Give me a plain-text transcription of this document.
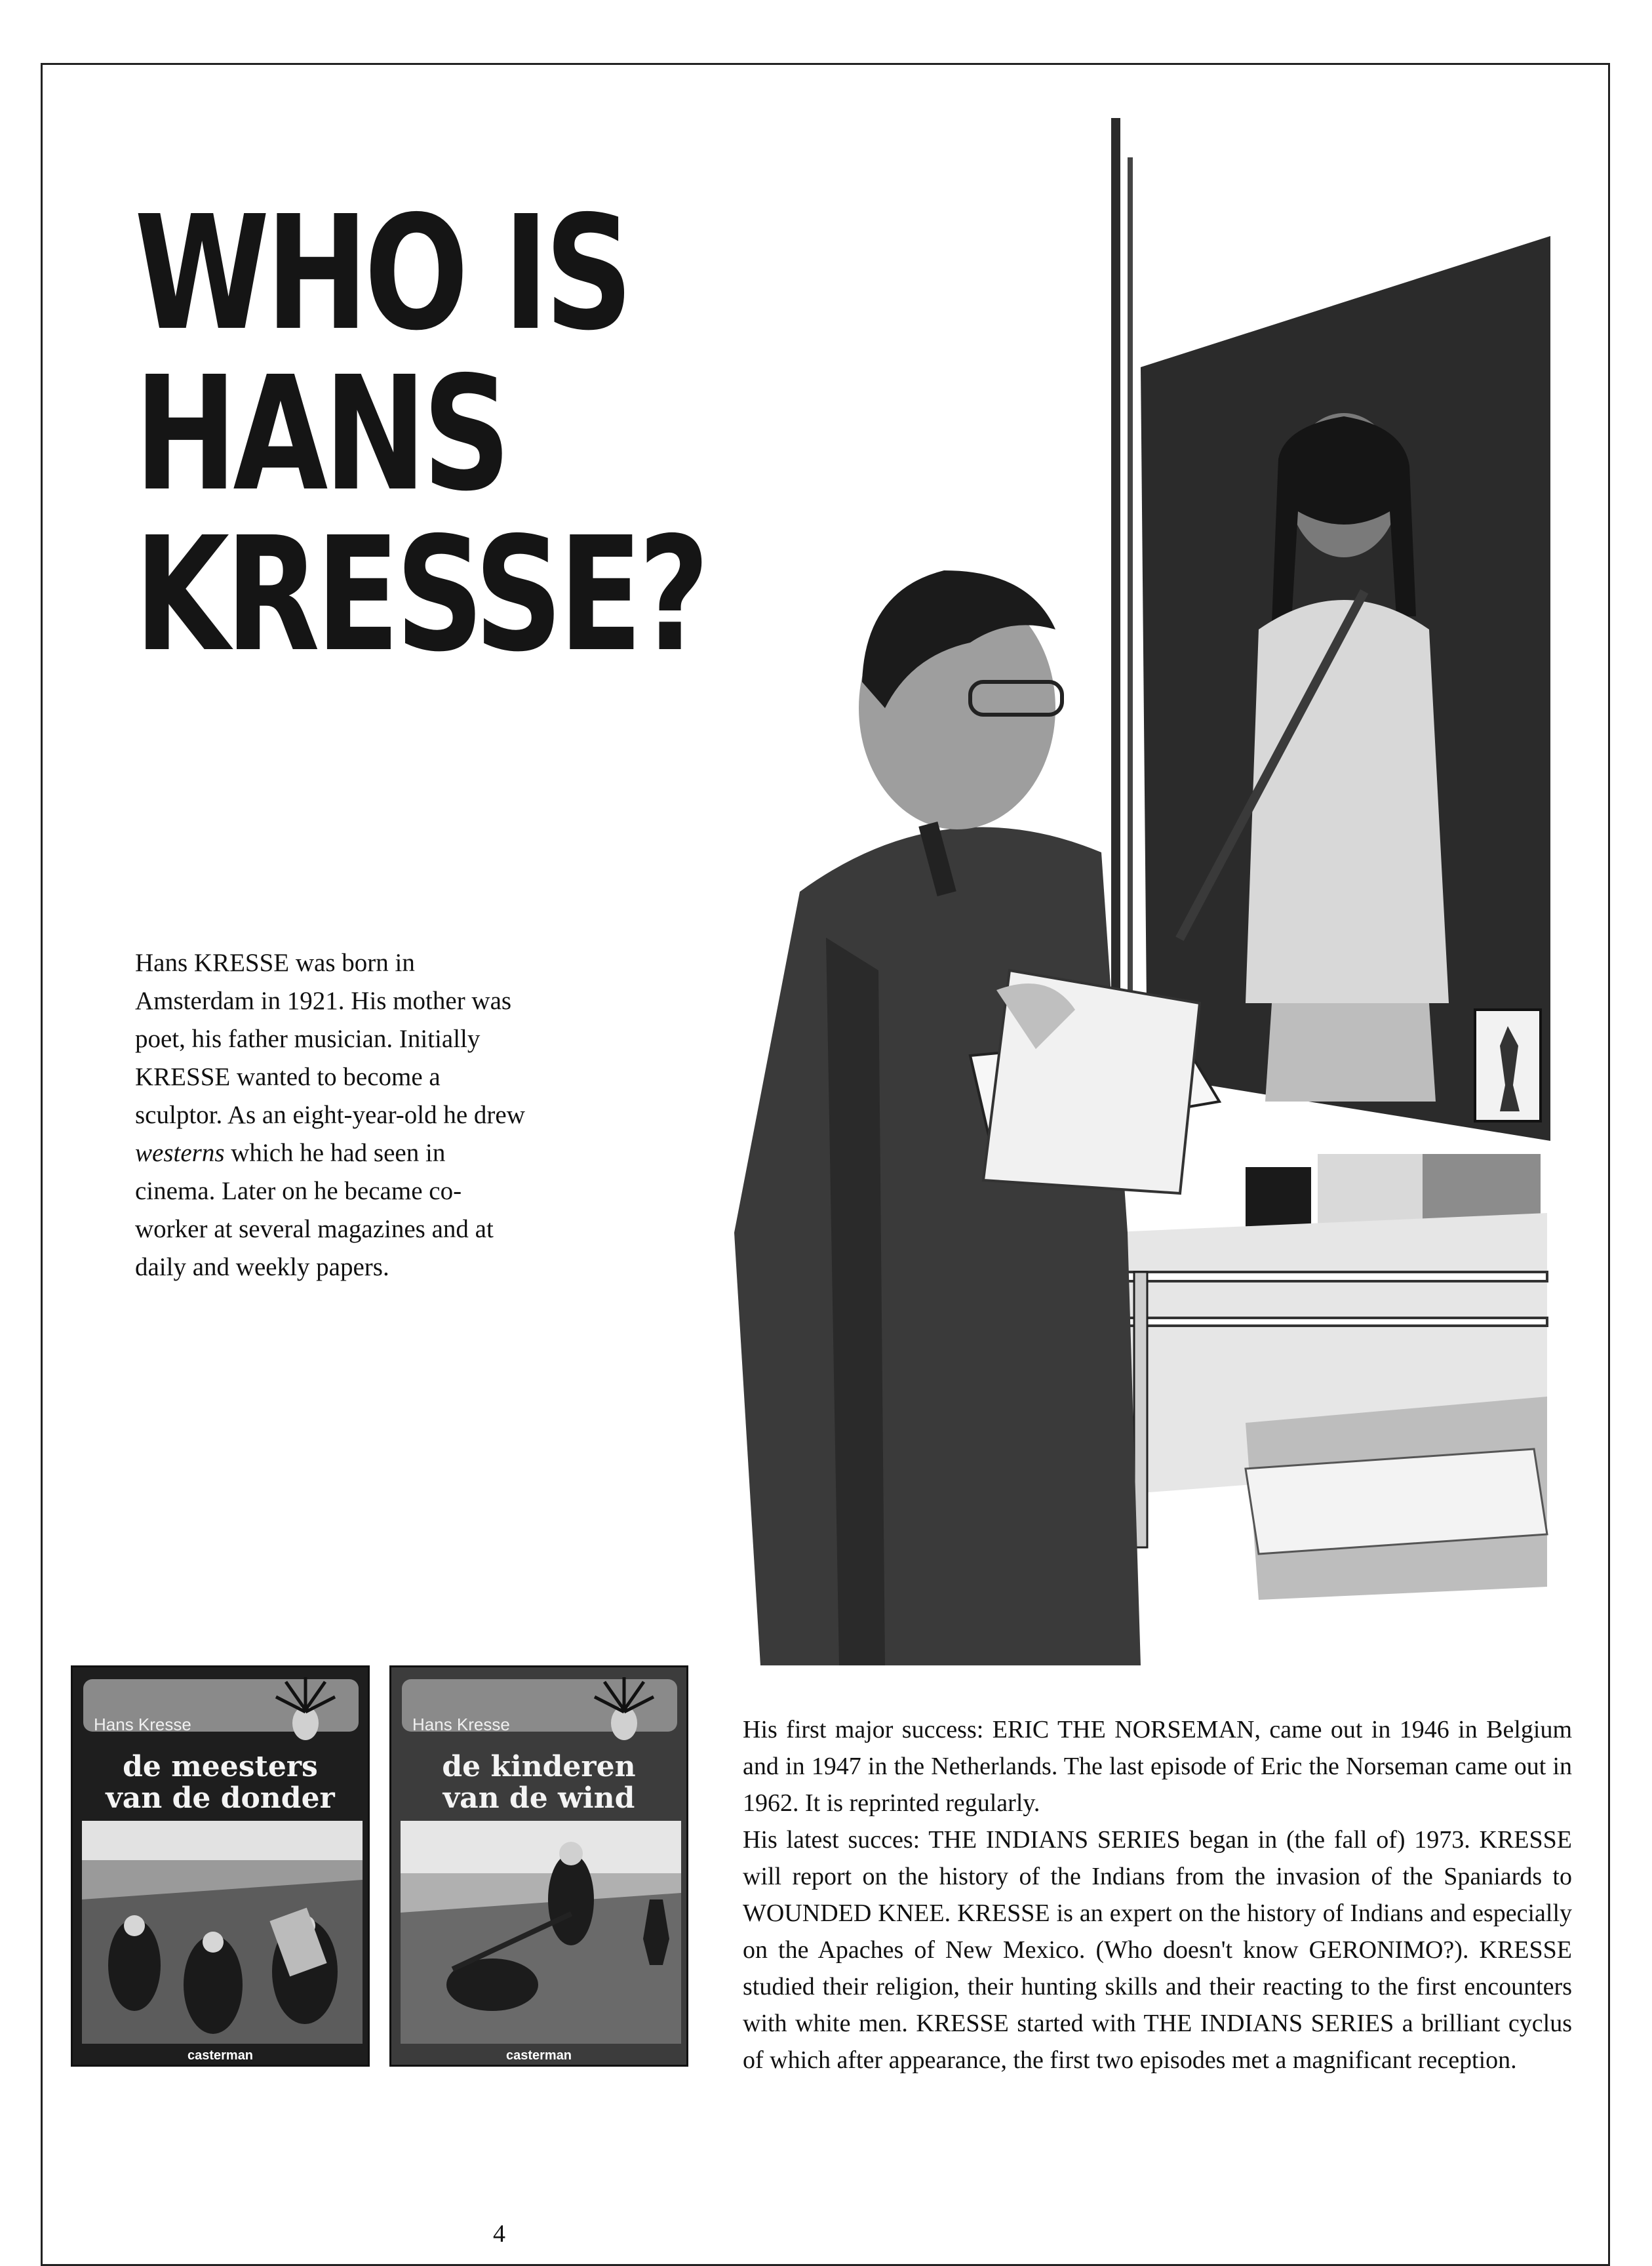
WHO IS
HANS
KRESSE?
Hans KRESSE was born in Amsterdam in 1921. His mother was poet, his father musician. Initially KRESSE wanted to become a sculptor. As an eight-year-old he drew westerns which he had seen in cinema. Later on he became co-worker at several magazines and at daily and weekly papers.
Hans Kresse
de meesters
van de donder
casterman
Hans Kresse
de kinderen
van de wind
casterman

His first major success: ERIC THE NORSEMAN, came out in 1946 in Belgium and in 1947 in the Netherlands. The last episode of Eric the Norseman came out in 1962. It is reprinted regularly.

His latest succes: THE INDIANS SERIES began in (the fall of) 1973. KRESSE will report on the history of the Indians from the invasion of the Spaniards to WOUNDED KNEE. KRESSE is an expert on the history of Indians and especially on the Apaches of New Mexico. (Who doesn't know GERONIMO?). KRESSE studied their religion, their hunting skills and their reacting to the first encounters with white men. KRESSE started with THE INDIANS SERIES a brilliant cyclus of which after appearance, the first two episodes met a magnificant reception.

4
